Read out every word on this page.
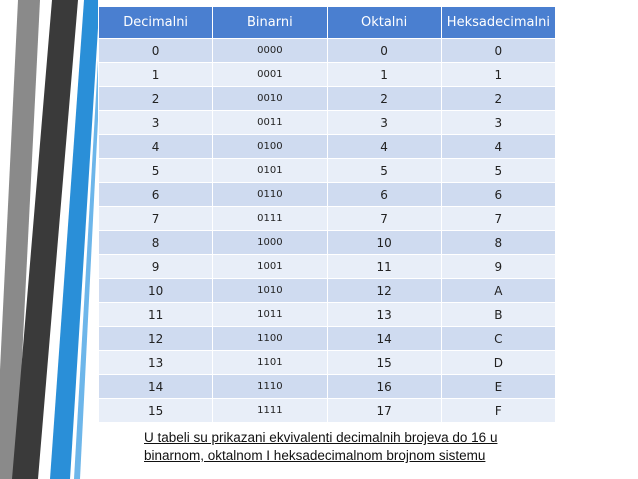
Decimalni	Binarni	Oktalni	Heksadecimalni
0	0000	0	0
1	0001	1	1
2	0010	2	2
3	0011	3	3
4	0100	4	4
5	0101	5	5
6	0110	6	6
7	0111	7	7
8	1000	10	8
9	1001	11	9
10	1010	12	A
11	1011	13	B
12	1100	14	C
13	1101	15	D
14	1110	16	E
15	1111	17	F
U tabeli su prikazani ekvivalenti decimalnih brojeva do 16 u
binarnom, oktalnom I heksadecimalnom brojnom sistemu
